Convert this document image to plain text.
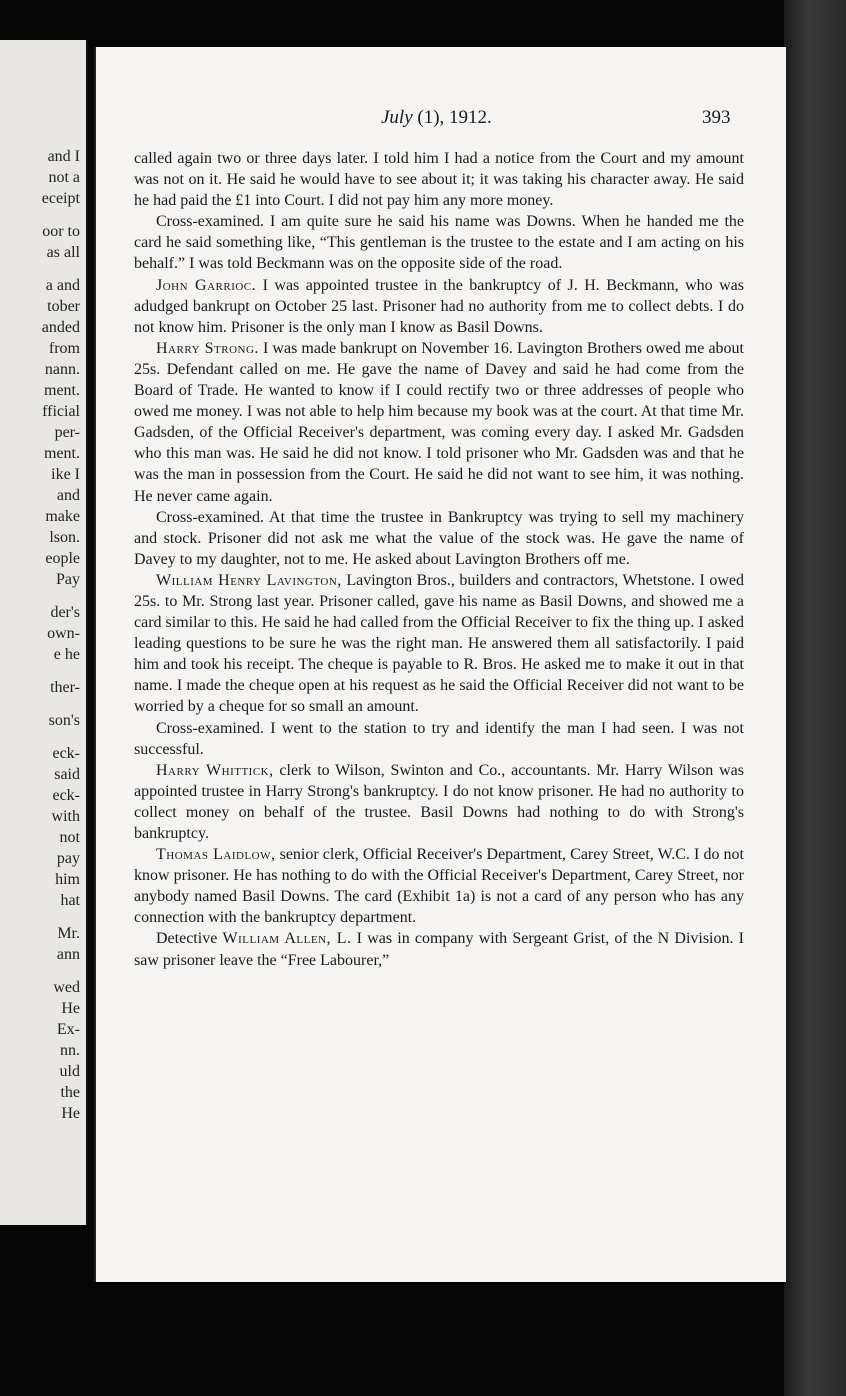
and I
not a
eceipt
oor to
as all
a and
tober
anded
from
nann.
ment.
fficial
per-
ment.
ike I
and
make
lson.
eople
Pay
der's
own-
e he
ther-
son's
eck-
said
eck-
with
not
pay
him
hat
Mr.
ann
wed
He
Ex-
nn.
uld
the
He
July (1), 1912.	393

called again two or three days later. I told him I had a notice from the Court and my amount was not on it. He said he would have to see about it; it was taking his character away. He said he had paid the £1 into Court. I did not pay him any more money.

Cross-examined. I am quite sure he said his name was Downs. When he handed me the card he said something like, “This gentleman is the trustee to the estate and I am acting on his behalf.” I was told Beckmann was on the opposite side of the road.

John Garrioc. I was appointed trustee in the bankruptcy of J. H. Beckmann, who was adudged bankrupt on October 25 last. Prisoner had no authority from me to collect debts. I do not know him. Prisoner is the only man I know as Basil Downs.

Harry Strong. I was made bankrupt on November 16. Lavington Brothers owed me about 25s. Defendant called on me. He gave the name of Davey and said he had come from the Board of Trade. He wanted to know if I could rectify two or three addresses of people who owed me money. I was not able to help him because my book was at the court. At that time Mr. Gadsden, of the Official Receiver's department, was coming every day. I asked Mr. Gadsden who this man was. He said he did not know. I told prisoner who Mr. Gadsden was and that he was the man in possession from the Court. He said he did not want to see him, it was nothing. He never came again.

Cross-examined. At that time the trustee in Bankruptcy was trying to sell my machinery and stock. Prisoner did not ask me what the value of the stock was. He gave the name of Davey to my daughter, not to me. He asked about Lavington Brothers off me.

William Henry Lavington, Lavington Bros., builders and contractors, Whetstone. I owed 25s. to Mr. Strong last year. Prisoner called, gave his name as Basil Downs, and showed me a card similar to this. He said he had called from the Official Receiver to fix the thing up. I asked leading questions to be sure he was the right man. He answered them all satisfactorily. I paid him and took his receipt. The cheque is payable to R. Bros. He asked me to make it out in that name. I made the cheque open at his request as he said the Official Receiver did not want to be worried by a cheque for so small an amount.

Cross-examined. I went to the station to try and identify the man I had seen. I was not successful.

Harry Whittick, clerk to Wilson, Swinton and Co., accountants. Mr. Harry Wilson was appointed trustee in Harry Strong's bankruptcy. I do not know prisoner. He had no authority to collect money on behalf of the trustee. Basil Downs had nothing to do with Strong's bankruptcy.

Thomas Laidlow, senior clerk, Official Receiver's Department, Carey Street, W.C. I do not know prisoner. He has nothing to do with the Official Receiver's Department, Carey Street, nor anybody named Basil Downs. The card (Exhibit 1a) is not a card of any person who has any connection with the bankruptcy department.

Detective William Allen, L. I was in company with Sergeant Grist, of the N Division. I saw prisoner leave the “Free Labourer,”
